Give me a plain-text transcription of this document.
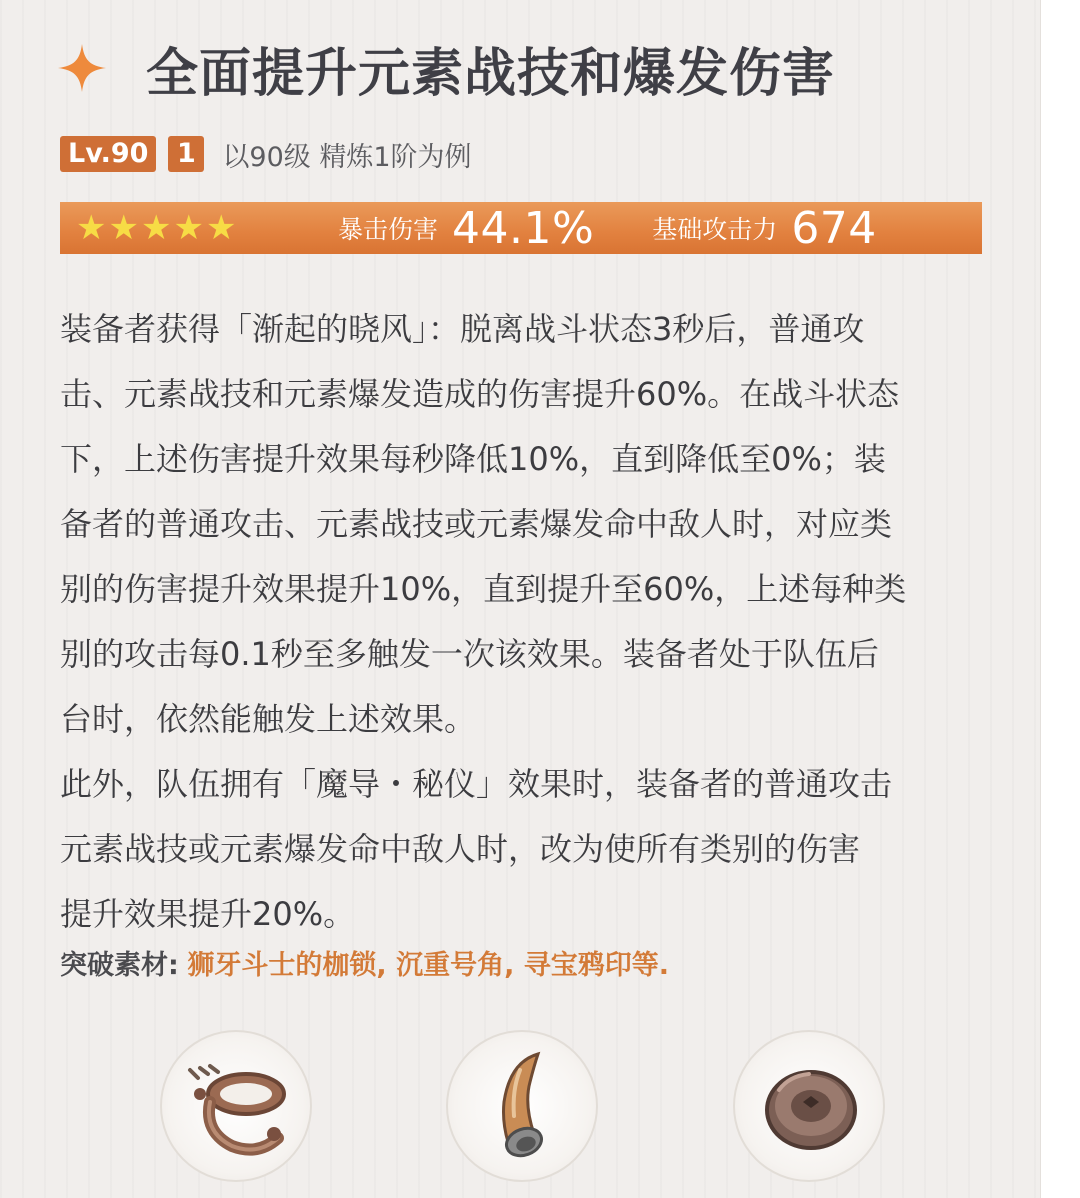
全面提升元素战技和爆发伤害
Lv.90	1 以90级 精炼1阶为例
★ ★ ★ ★ ★	暴击伤害 44.1% 基础攻击力 674
装备者获得「渐起的晓风」：脱离战斗状态3秒后，普通攻
击、元素战技和元素爆发造成的伤害提升60%。在战斗状态
下，上述伤害提升效果每秒降低10%，直到降低至0%；装
备者的普通攻击、元素战技或元素爆发命中敌人时，对应类
别的伤害提升效果提升10%，直到提升至60%，上述每种类
别的攻击每0.1秒至多触发一次该效果。装备者处于队伍后
台时，依然能触发上述效果。
此外，队伍拥有「魔导・秘仪」效果时，装备者的普通攻击
元素战技或元素爆发命中敌人时，改为使所有类别的伤害
提升效果提升20%。
突破素材: 狮牙斗士的枷锁, 沉重号角, 寻宝鸦印等.
